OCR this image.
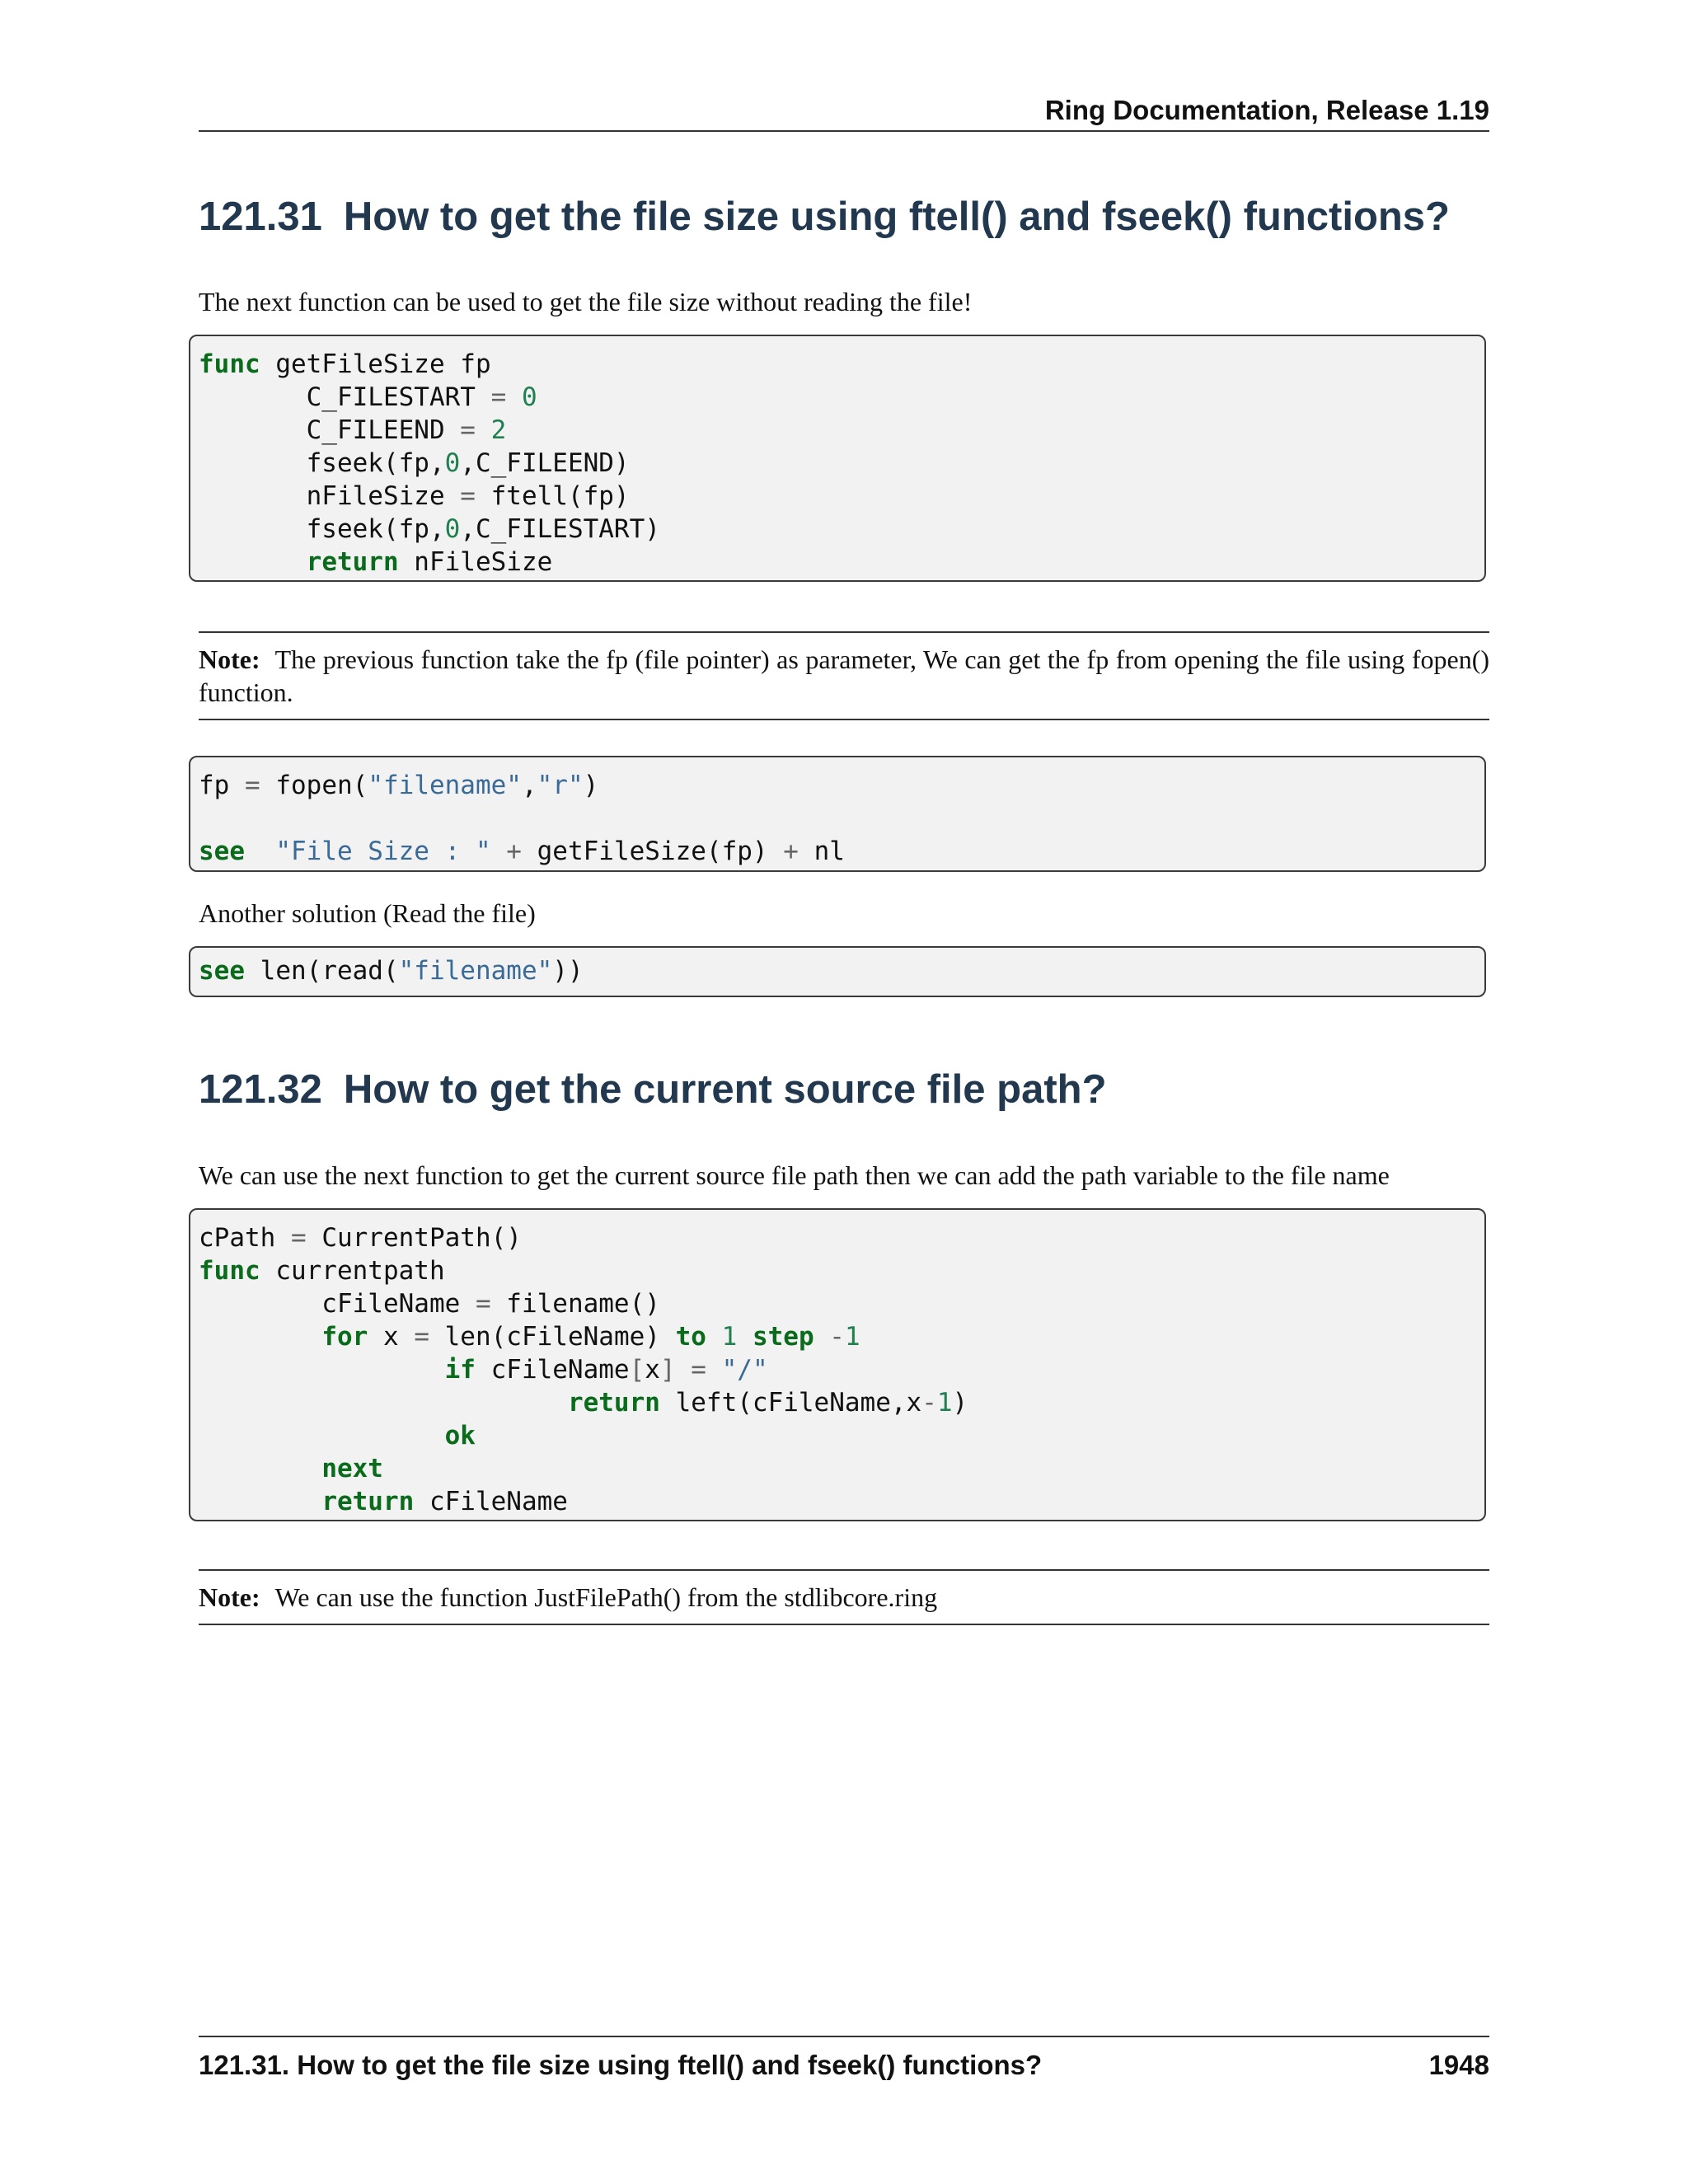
Ring Documentation, Release 1.19
121.31 How to get the file size using ftell() and fseek() functions?

The next function can be used to get the file size without reading the file!

func getFileSize fp
C_FILESTART = 0
C_FILEEND = 2
fseek(fp,0,C_FILEEND)
nFileSize = ftell(fp)
fseek(fp,0,C_FILESTART)
return nFileSize
Note: The previous function take the fp (file pointer) as parameter, We can get the fp from opening the file using fopen() function.
fp = fopen("filename","r")
see "File Size : " + getFileSize(fp) + nl

Another solution (Read the file)

see len(read("filename"))
121.32 How to get the current source file path?

We can use the next function to get the current source file path then we can add the path variable to the file name

cPath = CurrentPath()
func currentpath
cFileName = filename()
for x = len(cFileName) to 1 step -1
if cFileName[x] = "/"
return left(cFileName,x-1)
ok
next
return cFileName
Note: We can use the function JustFilePath() from the stdlibcore.ring
121.31. How to get the file size using ftell() and fseek() functions?	1948
